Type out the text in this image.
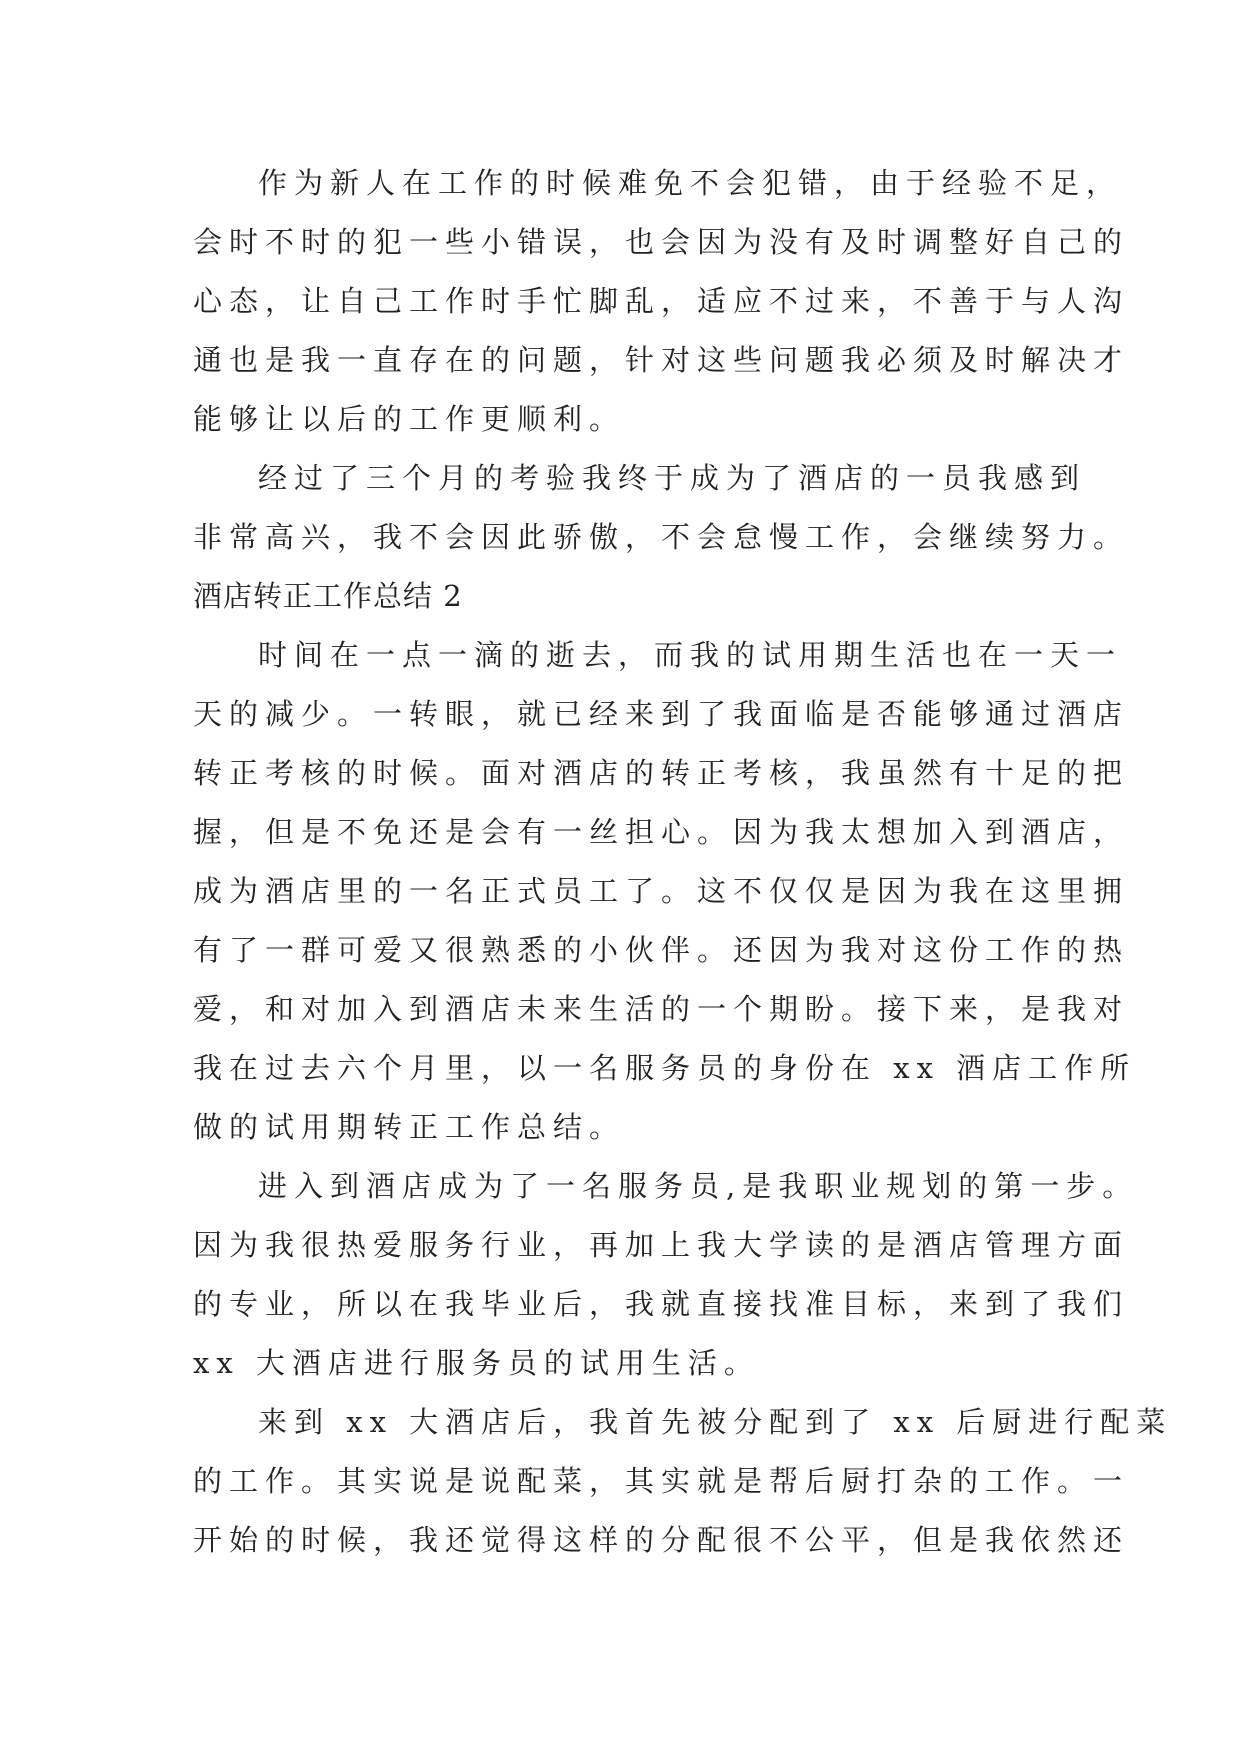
作为新人在工作的时候难免不会犯错，由于经验不足，

会时不时的犯一些小错误，也会因为没有及时调整好自己的

心态，让自己工作时手忙脚乱，适应不过来，不善于与人沟

通也是我一直存在的问题，针对这些问题我必须及时解决才

能够让以后的工作更顺利。

经过了三个月的考验我终于成为了酒店的一员我感到

非常高兴，我不会因此骄傲，不会怠慢工作，会继续努力。

酒店转正工作总结 2

时间在一点一滴的逝去，而我的试用期生活也在一天一

天的减少。一转眼，就已经来到了我面临是否能够通过酒店

转正考核的时候。面对酒店的转正考核，我虽然有十足的把

握，但是不免还是会有一丝担心。因为我太想加入到酒店，

成为酒店里的一名正式员工了。这不仅仅是因为我在这里拥

有了一群可爱又很熟悉的小伙伴。还因为我对这份工作的热

爱，和对加入到酒店未来生活的一个期盼。接下来，是我对

我在过去六个月里，以一名服务员的身份在 xx 酒店工作所

做的试用期转正工作总结。

进入到酒店成为了一名服务员,是我职业规划的第一步。

因为我很热爱服务行业，再加上我大学读的是酒店管理方面

的专业，所以在我毕业后，我就直接找准目标，来到了我们

xx 大酒店进行服务员的试用生活。

来到 xx 大酒店后，我首先被分配到了 xx 后厨进行配菜

的工作。其实说是说配菜，其实就是帮后厨打杂的工作。一

开始的时候，我还觉得这样的分配很不公平，但是我依然还
